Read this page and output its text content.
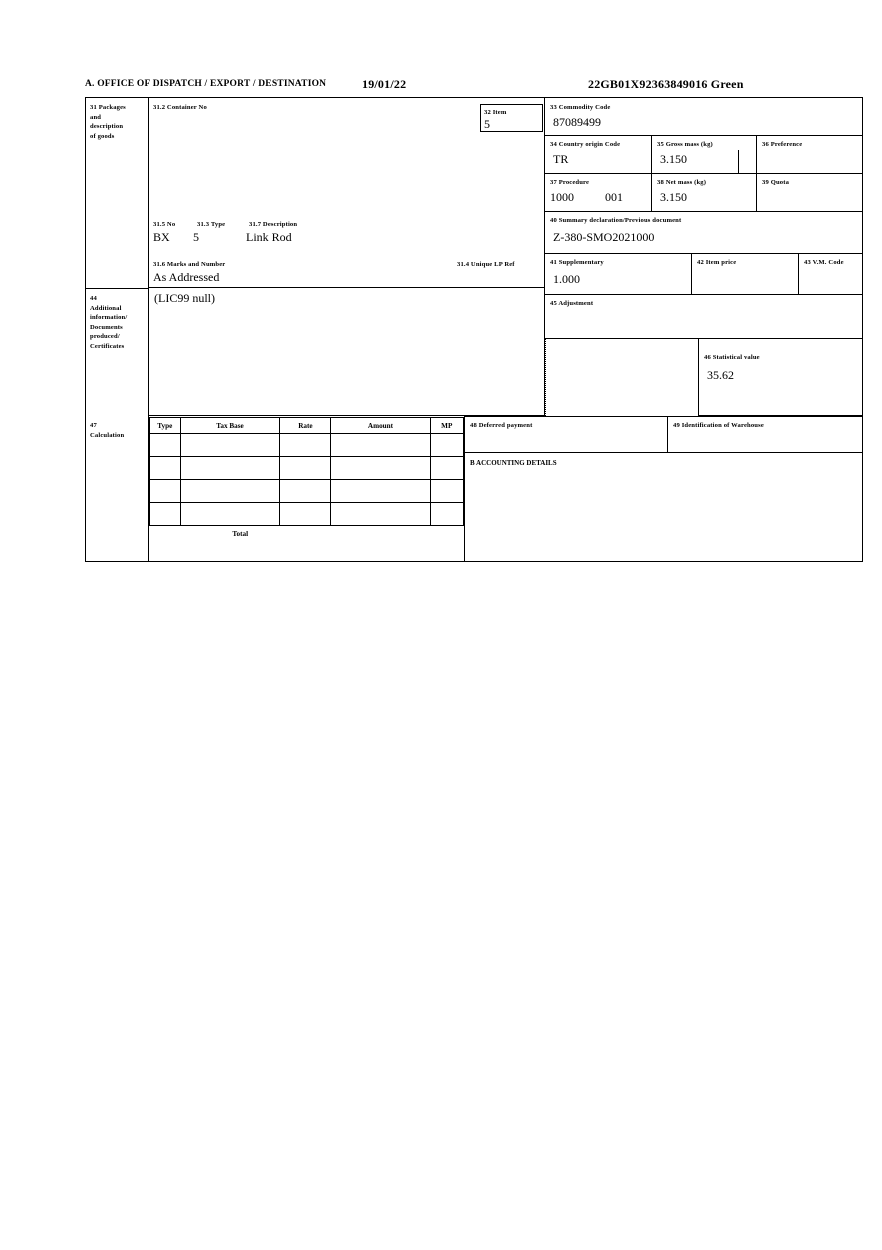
A. OFFICE OF DISPATCH / EXPORT / DESTINATION	19/01/22	22GB01X92363849016 Green
31 Packages
and
description
of goods
31.2 Container No
31.5 No	31.3 Type	31.7 Description
BX 5	Link Rod
31.6 Marks and Number
As Addressed
31.4 Unique LP Ref
32 Item
5
33 Commodity Code
87089499
34 Country origin Code
TR
35 Gross mass (kg)
3.150
36 Preference
37 Procedure
1000	001
38 Net mass (kg)
3.150
39 Quota
40 Summary declaration/Previous document
Z-380-SMO2021000
41 Supplementary
1.000
42 Item price	43 V.M. Code
44
Additional
information/
Documents
produced/
Certificates
(LIC99 null)	45 Adjustment
46 Statistical value
35.62
47
Calculation
Type	Tax Base	Rate	Amount	MP

Total				
48 Deferred payment	49 Identification of Warehouse
B ACCOUNTING DETAILS
